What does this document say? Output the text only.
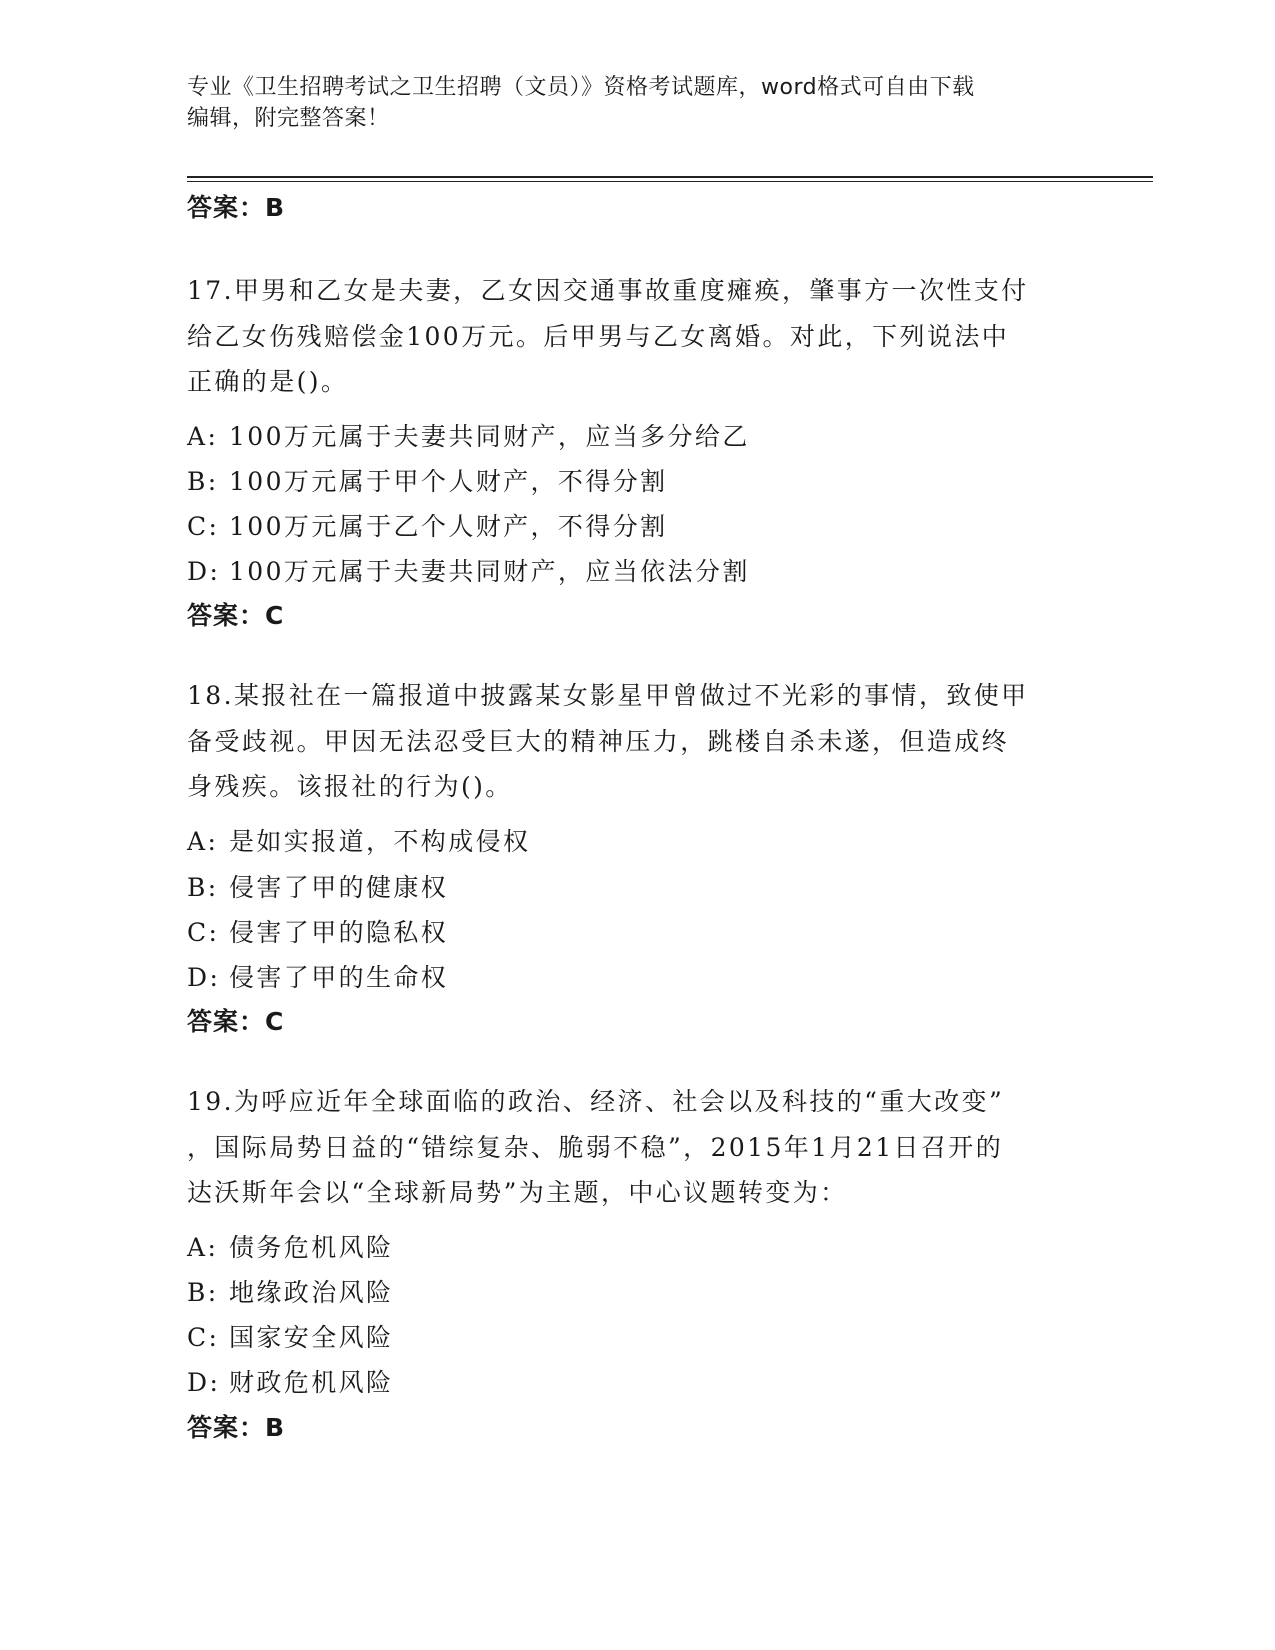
专业《卫生招聘考试之卫生招聘（文员）》资格考试题库，word格式可自由下载
编辑，附完整答案！
答案：B
17.甲男和乙女是夫妻，乙女因交通事故重度瘫痪，肇事方一次性支付
给乙女伤残赔偿金100万元。后甲男与乙女离婚。对此，下列说法中
正确的是()。
A: 100万元属于夫妻共同财产，应当多分给乙
B: 100万元属于甲个人财产，不得分割
C: 100万元属于乙个人财产，不得分割
D: 100万元属于夫妻共同财产，应当依法分割
答案：C
18.某报社在一篇报道中披露某女影星甲曾做过不光彩的事情，致使甲
备受歧视。甲因无法忍受巨大的精神压力，跳楼自杀未遂，但造成终
身残疾。该报社的行为()。
A: 是如实报道，不构成侵权
B: 侵害了甲的健康权
C: 侵害了甲的隐私权
D: 侵害了甲的生命权
答案：C
19.为呼应近年全球面临的政治、经济、社会以及科技的“重大改变”
，国际局势日益的“错综复杂、脆弱不稳”，2015年1月21日召开的
达沃斯年会以“全球新局势”为主题，中心议题转变为：
A: 债务危机风险
B: 地缘政治风险
C: 国家安全风险
D: 财政危机风险
答案：B
